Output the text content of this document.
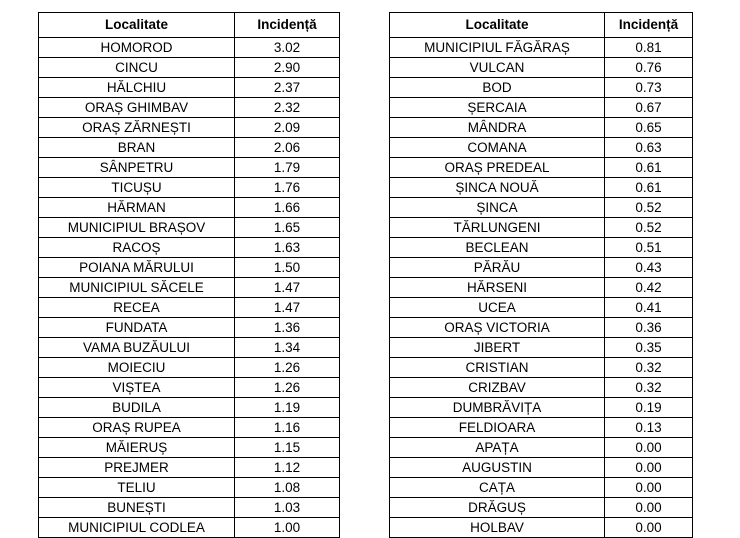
Localitate	Incidență
HOMOROD	3.02
CINCU	2.90
HĂLCHIU	2.37
ORAȘ GHIMBAV	2.32
ORAȘ ZĂRNEȘTI	2.09
BRAN	2.06
SÂNPETRU	1.79
TICUȘU	1.76
HĂRMAN	1.66
MUNICIPIUL BRAȘOV	1.65
RACOȘ	1.63
POIANA MĂRULUI	1.50
MUNICIPIUL SĂCELE	1.47
RECEA	1.47
FUNDATA	1.36
VAMA BUZĂULUI	1.34
MOIECIU	1.26
VIȘTEA	1.26
BUDILA	1.19
ORAȘ RUPEA	1.16
MĂIERUȘ	1.15
PREJMER	1.12
TELIU	1.08
BUNEȘTI	1.03
MUNICIPIUL CODLEA	1.00
Localitate	Incidență
MUNICIPIUL FĂGĂRAȘ	0.81
VULCAN	0.76
BOD	0.73
ȘERCAIA	0.67
MÂNDRA	0.65
COMANA	0.63
ORAȘ PREDEAL	0.61
ȘINCA NOUĂ	0.61
ȘINCA	0.52
TĂRLUNGENI	0.52
BECLEAN	0.51
PĂRĂU	0.43
HĂRSENI	0.42
UCEA	0.41
ORAȘ VICTORIA	0.36
JIBERT	0.35
CRISTIAN	0.32
CRIZBAV	0.32
DUMBRĂVIȚA	0.19
FELDIOARA	0.13
APAȚA	0.00
AUGUSTIN	0.00
CAȚA	0.00
DRĂGUȘ	0.00
HOLBAV	0.00
